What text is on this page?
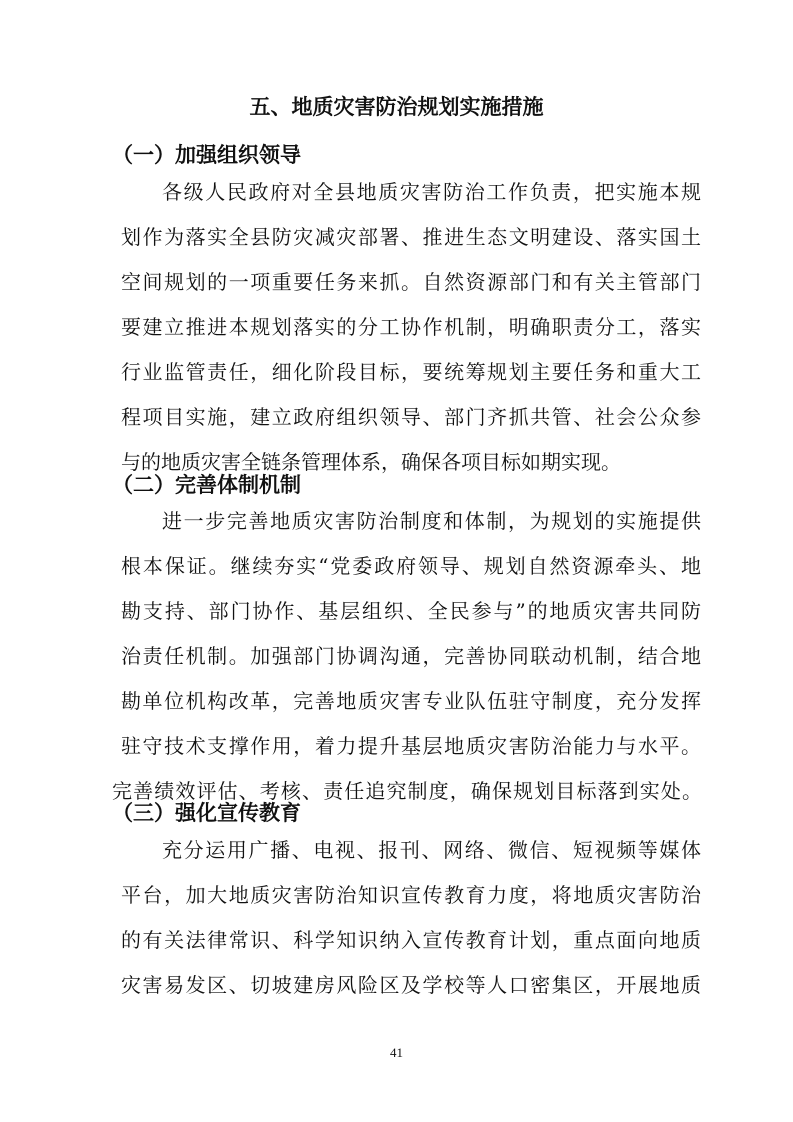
五、地质灾害防治规划实施措施
（一）加强组织领导

各级人民政府对全县地质灾害防治工作负责，把实施本规

划作为落实全县防灾减灾部署、推进生态文明建设、落实国土

空间规划的一项重要任务来抓。自然资源部门和有关主管部门

要建立推进本规划落实的分工协作机制，明确职责分工，落实

行业监管责任，细化阶段目标，要统筹规划主要任务和重大工

程项目实施，建立政府组织领导、部门齐抓共管、社会公众参

与的地质灾害全链条管理体系，确保各项目标如期实现。

（二）完善体制机制

进一步完善地质灾害防治制度和体制，为规划的实施提供

根本保证。继续夯实“党委政府领导、规划自然资源牵头、地

勘支持、部门协作、基层组织、全民参与”的地质灾害共同防

治责任机制。加强部门协调沟通，完善协同联动机制，结合地

勘单位机构改革，完善地质灾害专业队伍驻守制度，充分发挥

驻守技术支撑作用，着力提升基层地质灾害防治能力与水平。

完善绩效评估、考核、责任追究制度，确保规划目标落到实处。

（三）强化宣传教育

充分运用广播、电视、报刊、网络、微信、短视频等媒体

平台，加大地质灾害防治知识宣传教育力度，将地质灾害防治

的有关法律常识、科学知识纳入宣传教育计划，重点面向地质

灾害易发区、切坡建房风险区及学校等人口密集区，开展地质

41
